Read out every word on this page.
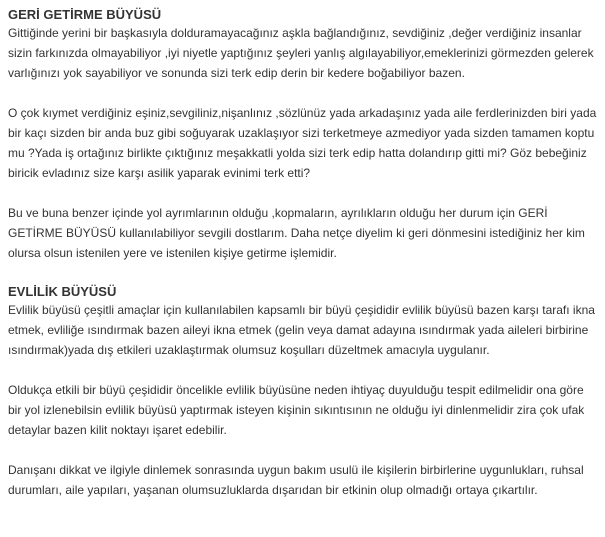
GERİ GETİRME BÜYÜSÜ

Gittiğinde yerini bir başkasıyla dolduramayacağınız aşkla bağlandığınız, sevdiğiniz ,değer verdiğiniz insanlar sizin farkınızda olmayabiliyor ,iyi niyetle yaptığınız şeyleri yanlış algılayabiliyor,emeklerinizi görmezden gelerek varlığınızı yok sayabiliyor ve sonunda sizi terk edip derin bir kedere boğabiliyor bazen.

O çok kıymet verdiğiniz eşiniz,sevgiliniz,nişanlınız ,sözlünüz yada arkadaşınız yada aile ferdlerinizden biri yada bir kaçı sizden bir anda buz gibi soğuyarak uzaklaşıyor sizi terketmeye azmediyor yada sizden tamamen koptu mu ?Yada iş ortağınız birlikte çıktığınız meşakkatli yolda sizi terk edip hatta dolandırıp gitti mi? Göz bebeğiniz biricik evladınız size karşı asilik yaparak evinimi terk etti?

Bu ve buna benzer içinde yol ayrımlarının olduğu ,kopmaların, ayrılıkların olduğu her durum için GERİ GETİRME BÜYÜSÜ kullanılabiliyor sevgili dostlarım. Daha netçe diyelim ki geri dönmesini istediğiniz her kim olursa olsun istenilen yere ve istenilen kişiye getirme işlemidir.

EVLİLİK BÜYÜSÜ

Evlilik büyüsü çeşitli amaçlar için kullanılabilen kapsamlı bir büyü çeşididir evlilik büyüsü bazen karşı tarafı ikna etmek, evliliğe ısındırmak bazen aileyi ikna etmek (gelin veya damat adayına ısındırmak yada aileleri birbirine ısındırmak)yada dış etkileri uzaklaştırmak olumsuz koşulları düzeltmek amacıyla uygulanır.

Oldukça etkili bir büyü çeşididir öncelikle evlilik büyüsüne neden ihtiyaç duyulduğu tespit edilmelidir ona göre bir yol izlenebilsin evlilik büyüsü yaptırmak isteyen kişinin sıkıntısının ne olduğu iyi dinlenmelidir zira çok ufak detaylar bazen kilit noktayı işaret edebilir.

Danışanı dikkat ve ilgiyle dinlemek sonrasında uygun bakım usulü ile kişilerin birbirlerine uygunlukları, ruhsal durumları, aile yapıları, yaşanan olumsuzluklarda dışarıdan bir etkinin olup olmadığı ortaya çıkartılır.
